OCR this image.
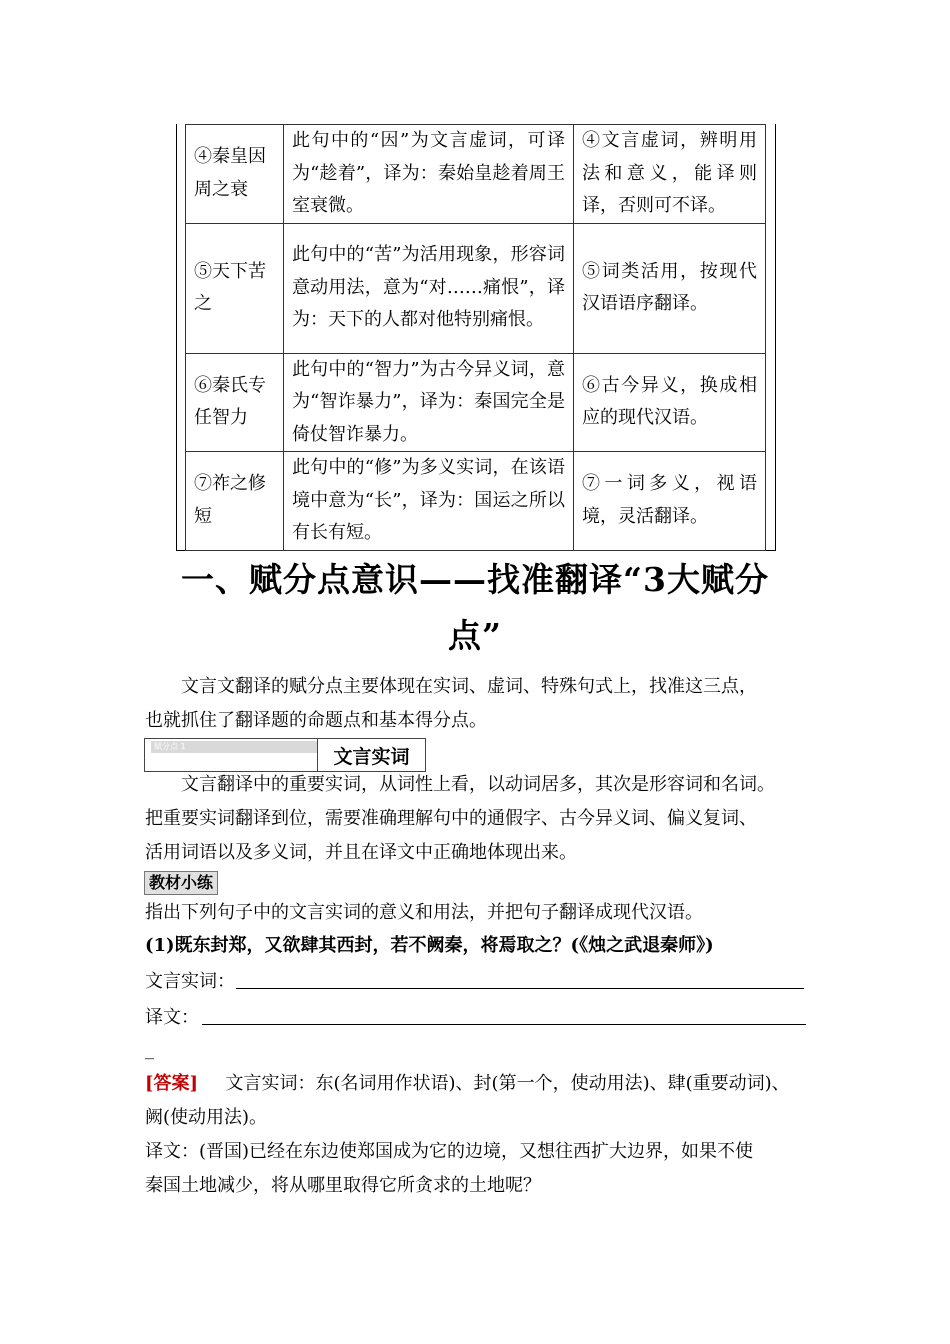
④秦皇因周之衰	此句中的“因”为文言虚词，可译为“趁着”，译为：秦始皇趁着周王室衰微。	④文言虚词，辨明用法和意义，能译则译，否则可不译。
⑤天下苦之	此句中的“苦”为活用现象，形容词意动用法，意为“对……痛恨”，译为：天下的人都对他特别痛恨。	⑤词类活用，按现代汉语语序翻译。
⑥秦氏专任智力	此句中的“智力”为古今异义词，意为“智诈暴力”，译为：秦国完全是倚仗智诈暴力。	⑥古今异义，换成相应的现代汉语。
⑦祚之修短	此句中的“修”为多义实词，在该语境中意为“长”，译为：国运之所以有长有短。	⑦一词多义，视语境，灵活翻译。
一、赋分点意识——找准翻译“3大赋分
点”
文言文翻译的赋分点主要体现在实词、虚词、特殊句式上，找准这三点，
也就抓住了翻译题的命题点和基本得分点。
赋分点 1	文言实词
文言翻译中的重要实词，从词性上看，以动词居多，其次是形容词和名词。
把重要实词翻译到位，需要准确理解句中的通假字、古今异义词、偏义复词、
活用词语以及多义词，并且在译文中正确地体现出来。
教材小练
指出下列句子中的文言实词的意义和用法，并把句子翻译成现代汉语。
(1)既东封郑，又欲肆其西封，若不阙秦，将焉取之？(《烛之武退秦师》)
文言实词：
译文：
_
[答案] 文言实词：东(名词用作状语)、封(第一个，使动用法)、肆(重要动词)、
阙(使动用法)。
译文：(晋国)已经在东边使郑国成为它的边境，又想往西扩大边界，如果不使
秦国土地减少，将从哪里取得它所贪求的土地呢？
